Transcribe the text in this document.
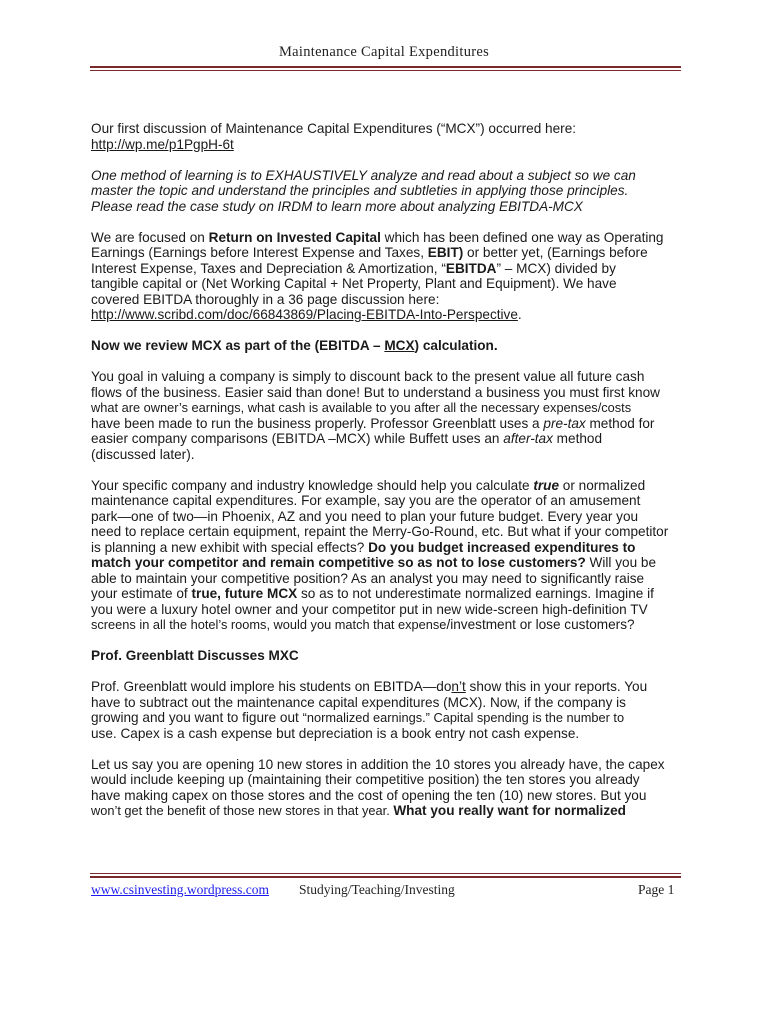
Maintenance Capital Expenditures

Our first discussion of Maintenance Capital Expenditures (“MCX”) occurred here:
http://wp.me/p1PgpH-6t

One method of learning is to EXHAUSTIVELY analyze and read about a subject so we can
master the topic and understand the principles and subtleties in applying those principles.
Please read the case study on IRDM to learn more about analyzing EBITDA-MCX

We are focused on Return on Invested Capital which has been defined one way as Operating
Earnings (Earnings before Interest Expense and Taxes, EBIT) or better yet, (Earnings before
Interest Expense, Taxes and Depreciation & Amortization, “EBITDA” – MCX) divided by
tangible capital or (Net Working Capital + Net Property, Plant and Equipment). We have
covered EBITDA thoroughly in a 36 page discussion here:
http://www.scribd.com/doc/66843869/Placing-EBITDA-Into-Perspective.

Now we review MCX as part of the (EBITDA – MCX) calculation.

You goal in valuing a company is simply to discount back to the present value all future cash
flows of the business. Easier said than done! But to understand a business you must first know
what are owner’s earnings, what cash is available to you after all the necessary expenses/costs
have been made to run the business properly. Professor Greenblatt uses a pre-tax method for
easier company comparisons (EBITDA –MCX) while Buffett uses an after-tax method
(discussed later).

Your specific company and industry knowledge should help you calculate true or normalized
maintenance capital expenditures. For example, say you are the operator of an amusement
park—one of two—in Phoenix, AZ and you need to plan your future budget. Every year you
need to replace certain equipment, repaint the Merry-Go-Round, etc. But what if your competitor
is planning a new exhibit with special effects? Do you budget increased expenditures to
match your competitor and remain competitive so as not to lose customers? Will you be
able to maintain your competitive position? As an analyst you may need to significantly raise
your estimate of true, future MCX so as to not underestimate normalized earnings. Imagine if
you were a luxury hotel owner and your competitor put in new wide-screen high-definition TV
screens in all the hotel’s rooms, would you match that expense/investment or lose customers?

Prof. Greenblatt Discusses MXC

Prof. Greenblatt would implore his students on EBITDA—don’t show this in your reports. You
have to subtract out the maintenance capital expenditures (MCX). Now, if the company is
growing and you want to figure out “normalized earnings.” Capital spending is the number to
use. Capex is a cash expense but depreciation is a book entry not cash expense.

Let us say you are opening 10 new stores in addition the 10 stores you already have, the capex
would include keeping up (maintaining their competitive position) the ten stores you already
have making capex on those stores and the cost of opening the ten (10) new stores. But you
won’t get the benefit of those new stores in that year. What you really want for normalized

www.csinvesting.wordpress.com Studying/Teaching/Investing	Page 1
